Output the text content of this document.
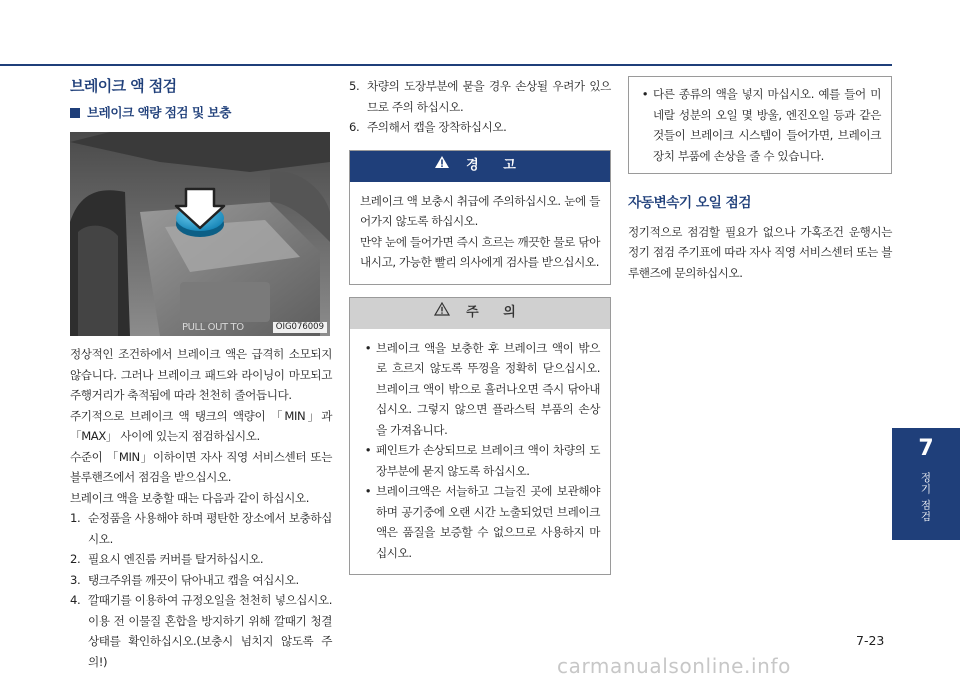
브레이크 액 점검
브레이크 액량 점검 및 보충
PULL OUT TO	OIG076009

정상적인 조건하에서 브레이크 액은 급격히 소모되지 않습니다. 그러나 브레이크 패드와 라이닝이 마모되고 주행거리가 축적됨에 따라 천천히 줄어듭니다.

주기적으로 브레이크 액 탱크의 액량이 「MIN」과 「MAX」 사이에 있는지 점검하십시오.

수준이 「MIN」이하이면 자사 직영 서비스센터 또는 블루핸즈에서 점검을 받으십시오.

브레이크 액을 보충할 때는 다음과 같이 하십시오.

1. 순정품을 사용해야 하며 평탄한 장소에서 보충하십시오.
2. 필요시 엔진룸 커버를 탈거하십시오.
3. 탱크주위를 깨끗이 닦아내고 캡을 여십시오.
4. 깔때기를 이용하여 규정오일을 천천히 넣으십시오. 이용 전 이물질 혼합을 방지하기 위해 깔때기 청결상태를 확인하십시오.(보충시 넘치지 않도록 주의!)
5. 차량의 도장부분에 묻을 경우 손상될 우려가 있으므로 주의 하십시오.
6. 주의해서 캡을 장착하십시오.
경 고

브레이크 액 보충시 취급에 주의하십시오. 눈에 들어가지 않도록 하십시오.

만약 눈에 들어가면 즉시 흐르는 깨끗한 물로 닦아내시고, 가능한 빨리 의사에게 검사를 받으십시오.

주 의
• 브레이크 액을 보충한 후 브레이크 액이 밖으로 흐르지 않도록 뚜껑을 정확히 닫으십시오. 브레이크 액이 밖으로 흘러나오면 즉시 닦아내십시오. 그렇지 않으면 플라스틱 부품의 손상을 가져옵니다.
• 페인트가 손상되므로 브레이크 액이 차량의 도장부분에 묻지 않도록 하십시오.
• 브레이크액은 서늘하고 그늘진 곳에 보관해야 하며 공기중에 오랜 시간 노출되었던 브레이크 액은 품질을 보증할 수 없으므로 사용하지 마십시오.
• 다른 종류의 액을 넣지 마십시오. 예를 들어 미네랄 성분의 오일 몇 방울, 엔진오일 등과 같은 것들이 브레이크 시스템이 들어가면, 브레이크 장치 부품에 손상을 줄 수 있습니다.
자동변속기 오일 점검

정기적으로 점검할 필요가 없으나 가혹조건 운행시는 정기 점검 주기표에 따라 자사 직영 서비스센터 또는 블루핸즈에 문의하십시오.

7
정기 점검
7-23
carmanualsonline.info
